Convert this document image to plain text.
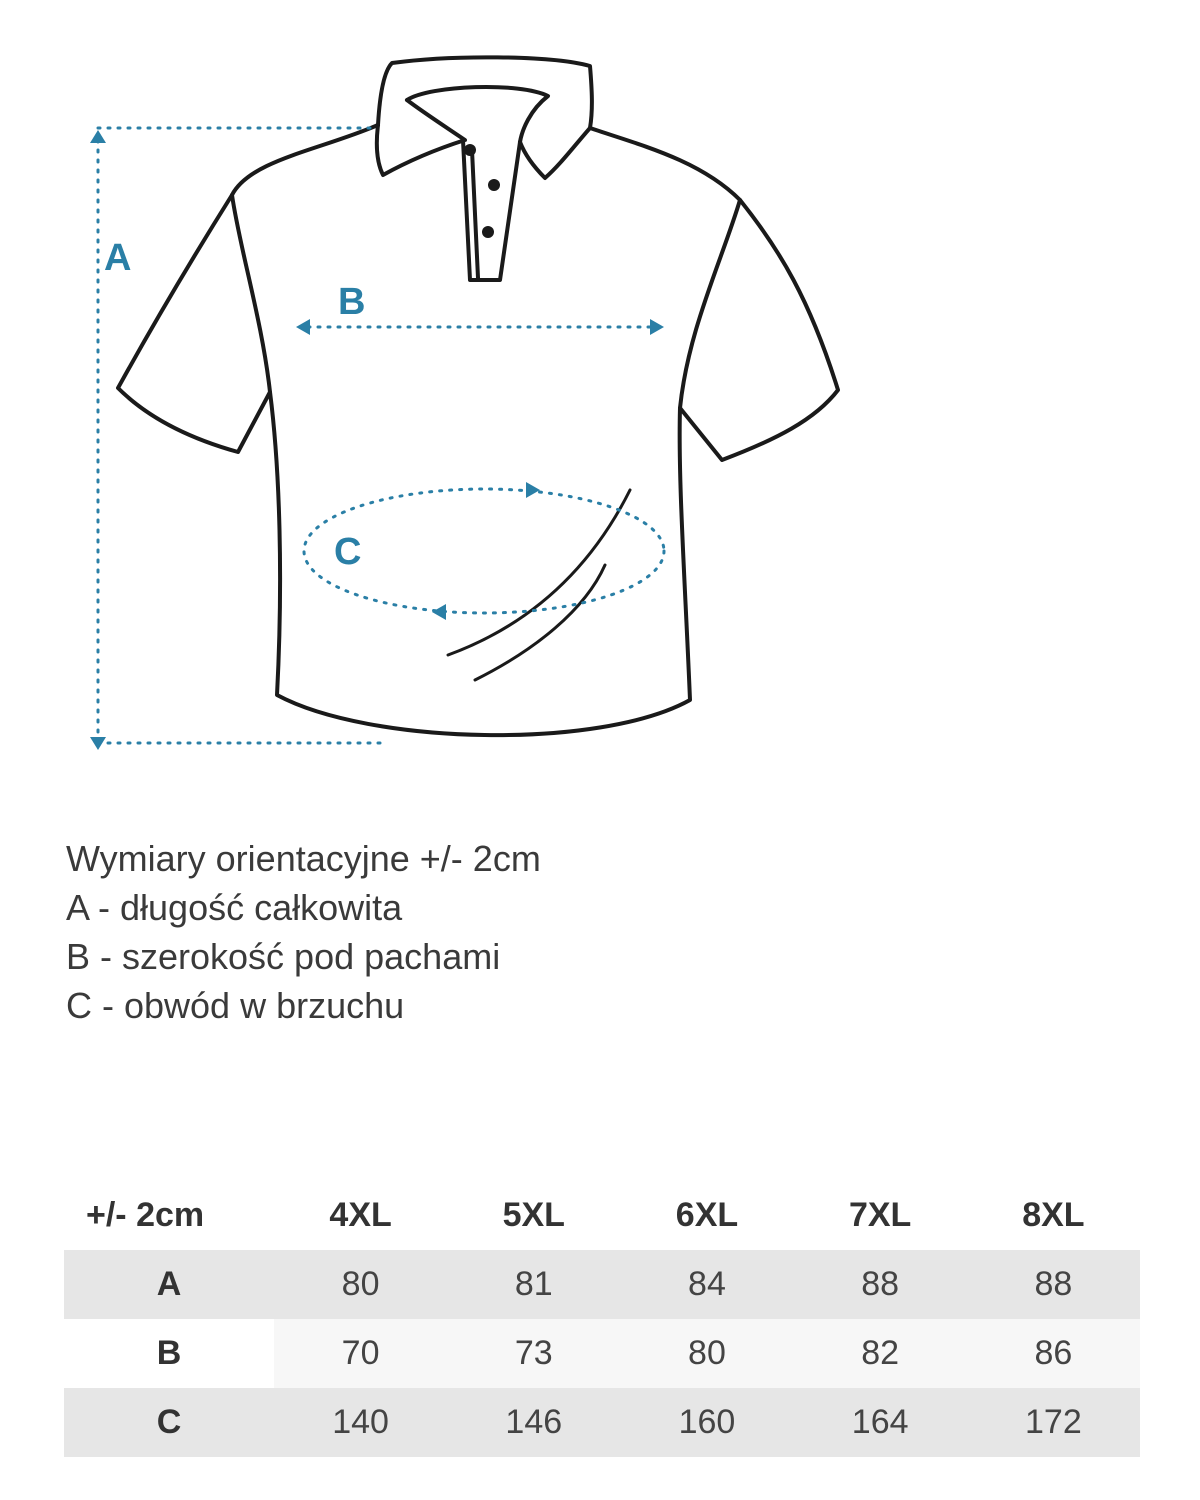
A
B
C
Wymiary orientacyjne +/- 2cm
A - długość całkowita
B - szerokość pod pachami
C - obwód w brzuchu
+/- 2cm	4XL	5XL	6XL	7XL	8XL
A	80	81	84	88	88
B	70	73	80	82	86
C	140	146	160	164	172
